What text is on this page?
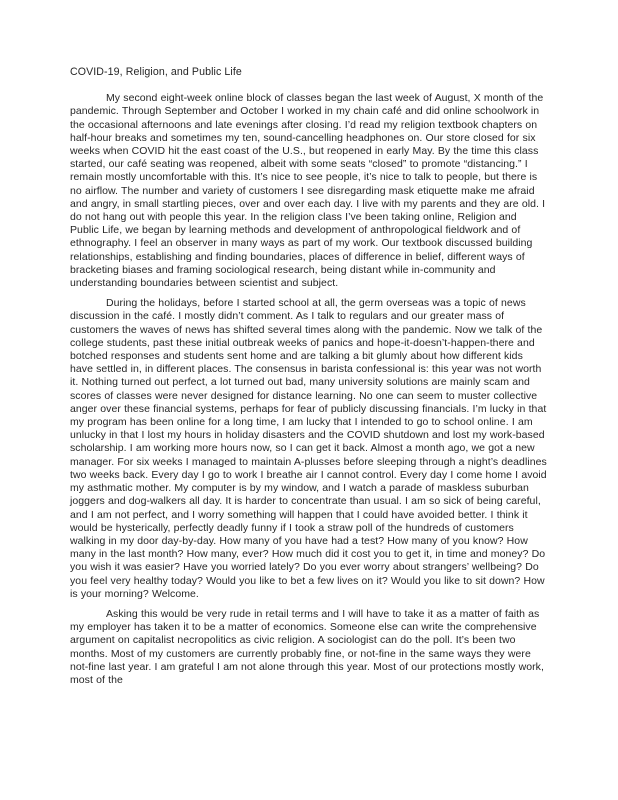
COVID-19, Religion, and Public Life

My second eight-week online block of classes began the last week of August, X month of the pandemic. Through September and October I worked in my chain café and did online schoolwork in the occasional afternoons and late evenings after closing. I’d read my religion textbook chapters on half-hour breaks and sometimes my ten, sound-cancelling headphones on. Our store closed for six weeks when COVID hit the east coast of the U.S., but reopened in early May. By the time this class started, our café seating was reopened, albeit with some seats “closed” to promote “distancing.” I remain mostly uncomfortable with this. It’s nice to see people, it’s nice to talk to people, but there is no airflow. The number and variety of customers I see disregarding mask etiquette make me afraid and angry, in small startling pieces, over and over each day. I live with my parents and they are old. I do not hang out with people this year. In the religion class I’ve been taking online, Religion and Public Life, we began by learning methods and development of anthropological fieldwork and of ethnography. I feel an observer in many ways as part of my work. Our textbook discussed building relationships, establishing and finding boundaries, places of difference in belief, different ways of bracketing biases and framing sociological research, being distant while in-community and understanding boundaries between scientist and subject.

During the holidays, before I started school at all, the germ overseas was a topic of news discussion in the café. I mostly didn’t comment. As I talk to regulars and our greater mass of customers the waves of news has shifted several times along with the pandemic. Now we talk of the college students, past these initial outbreak weeks of panics and hope-it-doesn’t-happen-there and botched responses and students sent home and are talking a bit glumly about how different kids have settled in, in different places. The consensus in barista confessional is: this year was not worth it. Nothing turned out perfect, a lot turned out bad, many university solutions are mainly scam and scores of classes were never designed for distance learning. No one can seem to muster collective anger over these financial systems, perhaps for fear of publicly discussing financials. I’m lucky in that my program has been online for a long time, I am lucky that I intended to go to school online. I am unlucky in that I lost my hours in holiday disasters and the COVID shutdown and lost my work-based scholarship. I am working more hours now, so I can get it back. Almost a month ago, we got a new manager. For six weeks I managed to maintain A-plusses before sleeping through a night’s deadlines two weeks back. Every day I go to work I breathe air I cannot control. Every day I come home I avoid my asthmatic mother. My computer is by my window, and I watch a parade of maskless suburban joggers and dog-walkers all day. It is harder to concentrate than usual. I am so sick of being careful, and I am not perfect, and I worry something will happen that I could have avoided better. I think it would be hysterically, perfectly deadly funny if I took a straw poll of the hundreds of customers walking in my door day-by-day. How many of you have had a test? How many of you know? How many in the last month? How many, ever? How much did it cost you to get it, in time and money? Do you wish it was easier? Have you worried lately? Do you ever worry about strangers’ wellbeing? Do you feel very healthy today? Would you like to bet a few lives on it? Would you like to sit down? How is your morning? Welcome.

Asking this would be very rude in retail terms and I will have to take it as a matter of faith as my employer has taken it to be a matter of economics. Someone else can write the comprehensive argument on capitalist necropolitics as civic religion. A sociologist can do the poll. It’s been two months. Most of my customers are currently probably fine, or not-fine in the same ways they were not-fine last year. I am grateful I am not alone through this year. Most of our protections mostly work, most of the
